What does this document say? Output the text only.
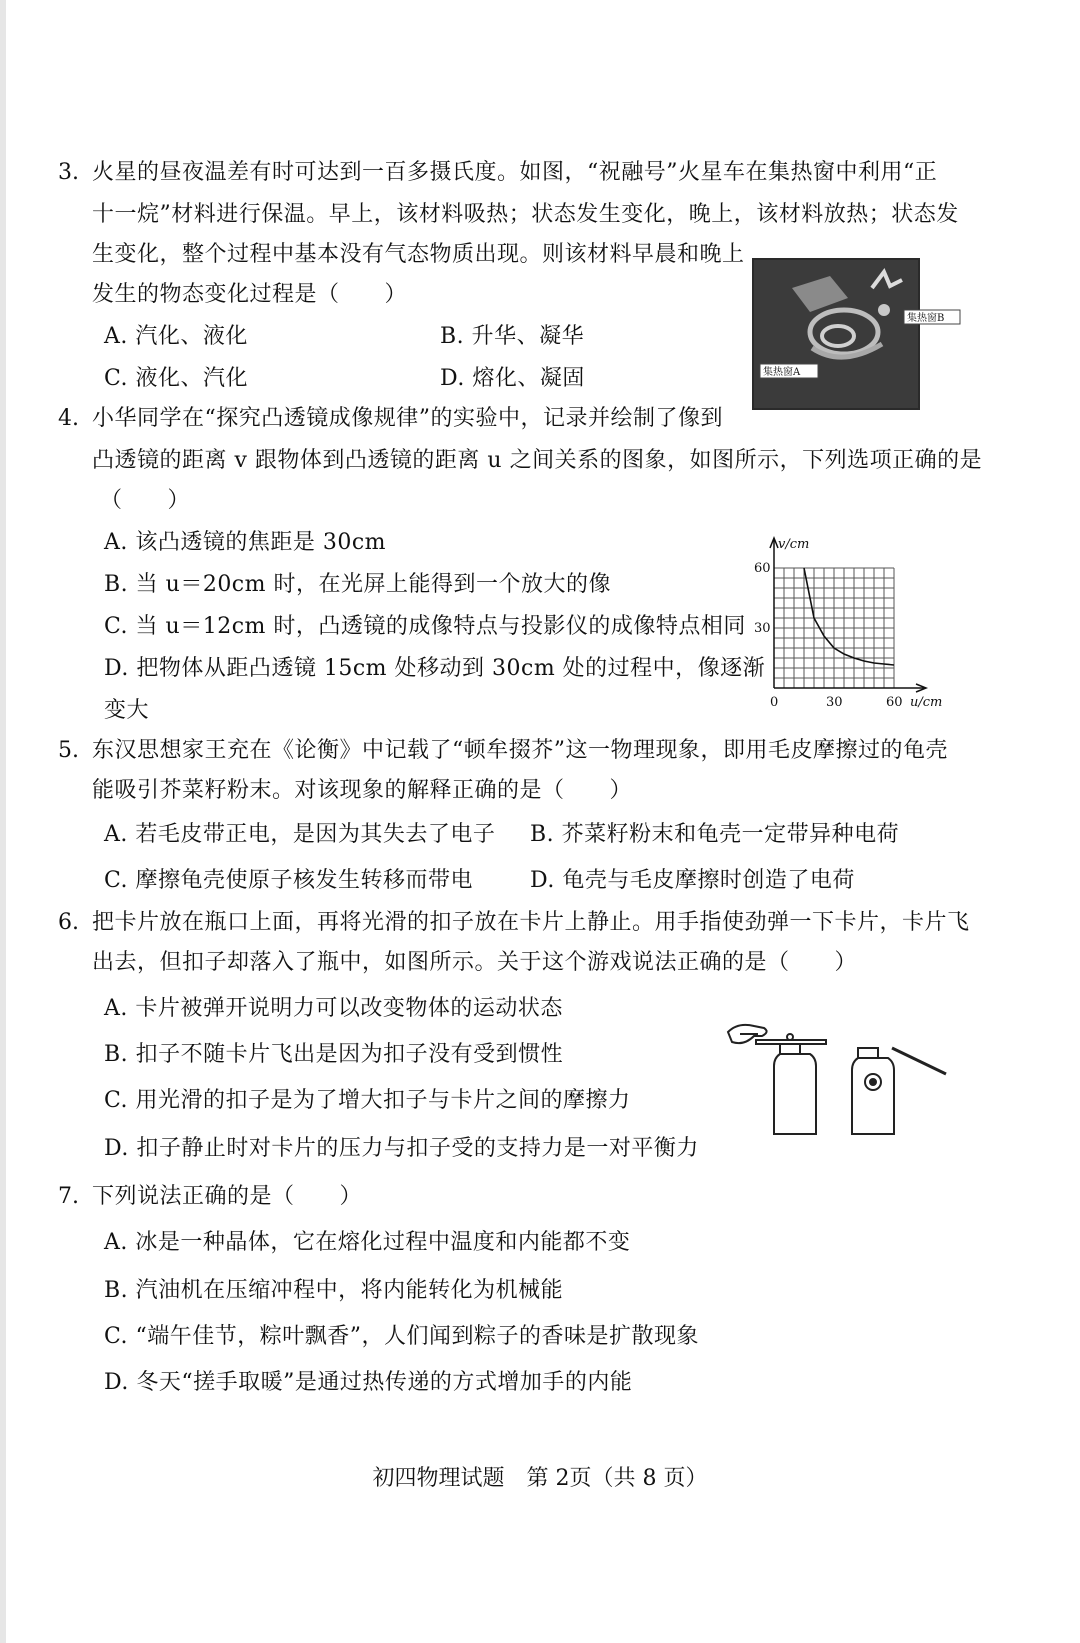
3. 火星的昼夜温差有时可达到一百多摄氏度。如图，“祝融号”火星车在集热窗中利用“正
十一烷”材料进行保温。早上，该材料吸热；状态发生变化，晚上，该材料放热；状态发
生变化，整个过程中基本没有气态物质出现。则该材料早晨和晚上
发生的物态变化过程是（　　）
A. 汽化、液化	B. 升华、凝华
C. 液化、汽化	D. 熔化、凝固
集热窗B
集热窗A
4. 小华同学在“探究凸透镜成像规律”的实验中，记录并绘制了像到
凸透镜的距离 v 跟物体到凸透镜的距离 u 之间关系的图象，如图所示，下列选项正确的是
（　　）
A. 该凸透镜的焦距是 30cm
B. 当 u＝20cm 时，在光屏上能得到一个放大的像
C. 当 u＝12cm 时，凸透镜的成像特点与投影仪的成像特点相同
D. 把物体从距凸透镜 15cm 处移动到 30cm 处的过程中，像逐渐
变大	0	30	60
30
60
v/cm
u/cm
5. 东汉思想家王充在《论衡》中记载了“顿牟掇芥”这一物理现象，即用毛皮摩擦过的龟壳
能吸引芥菜籽粉末。对该现象的解释正确的是（　　）
A. 若毛皮带正电，是因为其失去了电子 B. 芥菜籽粉末和龟壳一定带异种电荷
C. 摩擦龟壳使原子核发生转移而带电	D. 龟壳与毛皮摩擦时创造了电荷
6. 把卡片放在瓶口上面，再将光滑的扣子放在卡片上静止。用手指使劲弹一下卡片，卡片飞
出去，但扣子却落入了瓶中，如图所示。关于这个游戏说法正确的是（　　）
A. 卡片被弹开说明力可以改变物体的运动状态
B. 扣子不随卡片飞出是因为扣子没有受到惯性
C. 用光滑的扣子是为了增大扣子与卡片之间的摩擦力
D. 扣子静止时对卡片的压力与扣子受的支持力是一对平衡力
7. 下列说法正确的是（　　）
A. 冰是一种晶体，它在熔化过程中温度和内能都不变
B. 汽油机在压缩冲程中，将内能转化为机械能
C. “端午佳节，粽叶飘香”，人们闻到粽子的香味是扩散现象
D. 冬天“搓手取暖”是通过热传递的方式增加手的内能
初四物理试题　第 2页（共 8 页）
